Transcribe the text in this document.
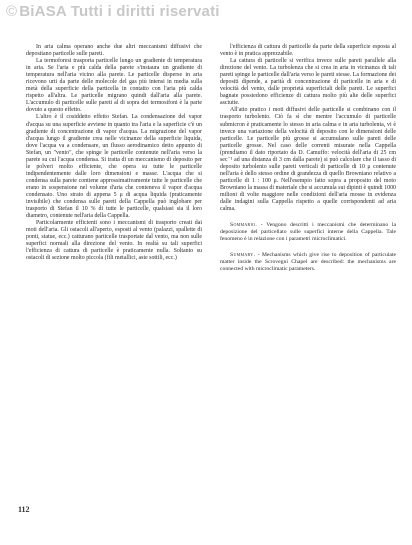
© BiASA Tutti i diritti riservati

In aria calma operano anche due altri meccanismi diffusivi che depositano particelle sulle pareti.

La termoforesi trasporta particelle lungo un gradiente di temperatura in aria. Se l'aria e più calda della parete s'instaura un gradiente di temperatura nell'aria vicino alla parete. Le particelle disperse in aria ricevono urti da parte delle molecole del gas più intensi in media sulla metà della superficie della particella in contatto con l'aria più calda rispetto all'altra. Le particelle migrano quindi dall'aria alla parete. L'accumulo di particelle sulle pareti al di sopra dei termosifoni è la parte dovuto a questo effetto.

L'altro è il cosiddetto effetto Stefan. La condensazione del vapor d'acqua su una superficie avviene in quanto tra l'aria e la superficie c'è un gradiente di concentrazione di vapor d'acqua. La migrazione del vapor d'acqua lungo il gradiente crea nelle vicinanze della superficie liquida, dove l'acqua va a condensare, un flusso aerodinamico detto appunto di Stefan, un "vento", che spinge le particelle contenute nell'aria verso la parete su cui l'acqua condensa. Si tratta di un meccanismo di deposito per le polveri molto efficiente, che opera su tutte le particelle indipendentemente dalle loro dimensioni e masse. L'acqua che si condensa sulla parete contiene approssimativamente tutte le particelle che erano in sospensione nel volume d'aria che conteneva il vapor d'acqua condensato. Uno strato di appena 5 μ di acqua liquida (praticamente invisibile) che condensa sulle pareti della Cappella può inglobare per trasporto di Stefan il 10 % di tutte le particelle, qualsiasi sia il loro diametro, contenute nell'aria della Cappella.

Particolarmente efficienti sono i meccanismi di trasporto creati dai moti dell'aria. Gli ostacoli all'aperto, esposti al vento (palazzi, spallette di ponti, statue, ecc.) catturano particelle trasportate dal vento, ma non sulle superfici normali alla direzione del vento. In realtà su tali superfici l'efficienza di cattura di particelle è praticamente nulla. Soltanto su ostacoli di sezione molto piccola (fili metallici, aste sottili, ecc.)

l'efficienza di cattura di particelle da parte della superficie esposta al vento è in pratica apprezzabile.

La cattura di particelle si verifica invece sulle pareti parallele alla direzione del vento. La turbolenza che si crea in aria in vicinanza di tali pareti spinge le particelle dall'aria verso le pareti stesse. La formazione dei depositi dipende, a parità di concentrazione di particelle in aria e di velocità del vento, dalle proprietà superficiali delle pareti. Le superfici bagnate possiedono efficienze di cattura molto più alte delle superfici asciutte.

All'atto pratico i moti diffusivi delle particelle si combinano con il trasporto turbolento. Ciò fa sì che mentre l'accumulo di particelle submicron è praticamente lo stesso in aria calma e in aria turbolenta, vi è invece una variazione della velocità di deposito con le dimensioni delle particelle. Le particelle più grosse si accumulano sulle pareti delle particelle grosse. Nel caso delle correnti misurate nella Cappella (prendiamo il dato riportato da D. Camuffo: velocità dell'aria di 25 cm sec⁻¹ ad una distanza di 3 cm dalla parete) si può calcolare che il tasso di deposito turbolento sulle pareti verticali di particelle di 10 μ contenute nell'aria è dello stesso ordine di grandezza di quello Browniano relativo a particelle di 1 : 100 μ. Nell'esempio fatto sopra a proposito del moto Browniano la massa di materiale che si accumula sui dipinti è quindi 1000 milioni di volte maggiore nelle condizioni dell'aria mosse in evidenza dalle indagini sulla Cappella rispetto a quelle corrispondenti ad aria calma.

Sommario. - Vengono descritti i meccanismi che determinano la deposizione del particellato sulle superfici interne della Cappella. Tale fenomeno è in relazione con i parametri microclimatici.

Summary. - Mechanisms which give rise to deposition of particulate matter inside the Scrovegni Chapel are described: the mechanisms are connected with microclimatic parameters.

112
